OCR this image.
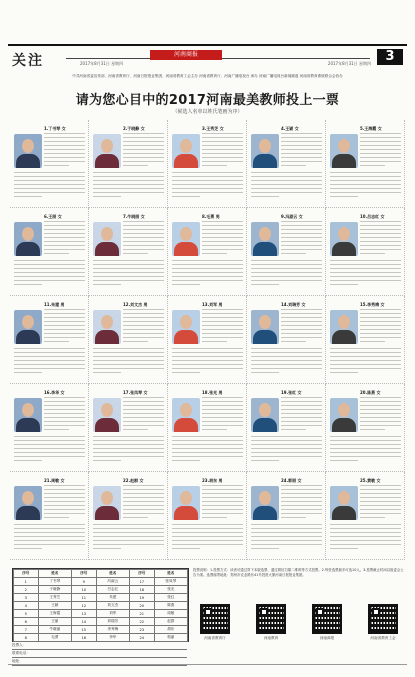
关注	河南商报
2017年8月31日 星期四	2017年8月31日 星期四	3
中共河南省委宣传部、河南省教育厅、河南日报报业集团、河南省教育工会主办 河南省教育厅、河南广播电视台 承办 河南广播电视台新闻频道 河南省教育系统联合会协办
请为您心目中的2017河南最美教师投上一票
（候选人名单以姓氏笔画为序）
1.丁书琴 女	2.于晓静 女	3.王秀芝 女	4.王颖 女	5.王海霞 女
6.王丽 女	7.牛晓丽 女	8.毛勇 男	9.冯淑云 女	10.吕志红 女
11.朱建 男	12.刘文杰 男	13.刘军 男	14.刘瑞芳 女	15.李秀梅 女
16.李华 女	17.张凤琴 女	18.张光 男	19.张红 女	20.陈燕 女
21.周敏 女	22.赵群 女	23.胡东 男	24.郭丽 女	25.黄敏 女
序号	姓名	序号	姓名	序号	姓名
1	丁书琴	9	冯淑云	17	张凤琴
2	于晓静	10	吕志红	18	张光
3	王秀芝	11	朱建	19	张红
4	王颖	12	刘文杰	20	陈燕
5	王海霞	13	刘军	21	周敏
6	王丽	14	刘瑞芳	22	赵群
7	牛晓丽	15	李秀梅	23	胡东
8	毛勇	16	李华	24	郭丽
投票人：
联系电话：
地址：
投票说明：1.投票方式：读者可通过剪下本版选票、通过微信扫描二维码等方式投票。2.每张选票最多可选10人。3.投票截止时间以组委会公告为准。选票邮寄地址：郑州市农业路东41号投资大厦河南日报报业集团。
河南省教育厅	河南教育	河南商报	河南省教育工会
